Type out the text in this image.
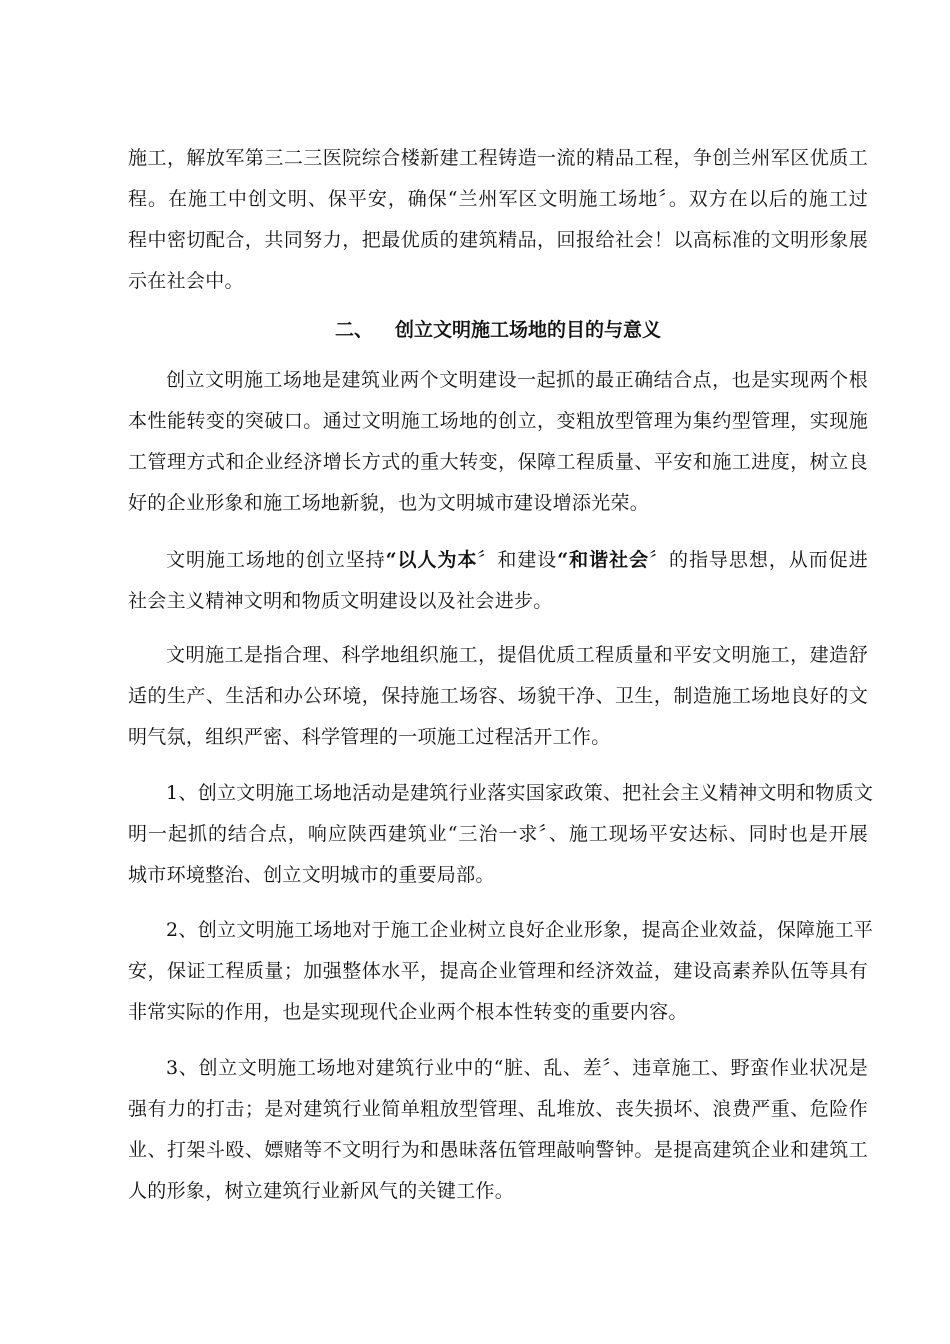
施工，解放军第三二三医院综合楼新建工程铸造一流的精品工程，争创兰州军区优质工
程。在施工中创文明、保平安，确保“兰州军区文明施工场地〞。双方在以后的施工过
程中密切配合，共同努力，把最优质的建筑精品，回报给社会！以高标准的文明形象展
示在社会中。
二、 创立文明施工场地的目的与意义
创立文明施工场地是建筑业两个文明建设一起抓的最正确结合点，也是实现两个根
本性能转变的突破口。通过文明施工场地的创立，变粗放型管理为集约型管理，实现施
工管理方式和企业经济增长方式的重大转变，保障工程质量、平安和施工进度，树立良
好的企业形象和施工场地新貌，也为文明城市建设增添光荣。
文明施工场地的创立坚持“以人为本〞和建设“和谐社会〞的指导思想，从而促进
社会主义精神文明和物质文明建设以及社会进步。
文明施工是指合理、科学地组织施工，提倡优质工程质量和平安文明施工，建造舒
适的生产、生活和办公环境，保持施工场容、场貌干净、卫生，制造施工场地良好的文
明气氛，组织严密、科学管理的一项施工过程活开工作。
1、创立文明施工场地活动是建筑行业落实国家政策、把社会主义精神文明和物质文
明一起抓的结合点，响应陕西建筑业“三治一求〞、施工现场平安达标、同时也是开展
城市环境整治、创立文明城市的重要局部。
2、创立文明施工场地对于施工企业树立良好企业形象，提高企业效益，保障施工平
安，保证工程质量；加强整体水平，提高企业管理和经济效益，建设高素养队伍等具有
非常实际的作用，也是实现现代企业两个根本性转变的重要内容。
3、创立文明施工场地对建筑行业中的“脏、乱、差〞、违章施工、野蛮作业状况是
强有力的打击；是对建筑行业简单粗放型管理、乱堆放、丧失损坏、浪费严重、危险作
业、打架斗殴、嫖赌等不文明行为和愚昧落伍管理敲响警钟。是提高建筑企业和建筑工
人的形象，树立建筑行业新风气的关键工作。
